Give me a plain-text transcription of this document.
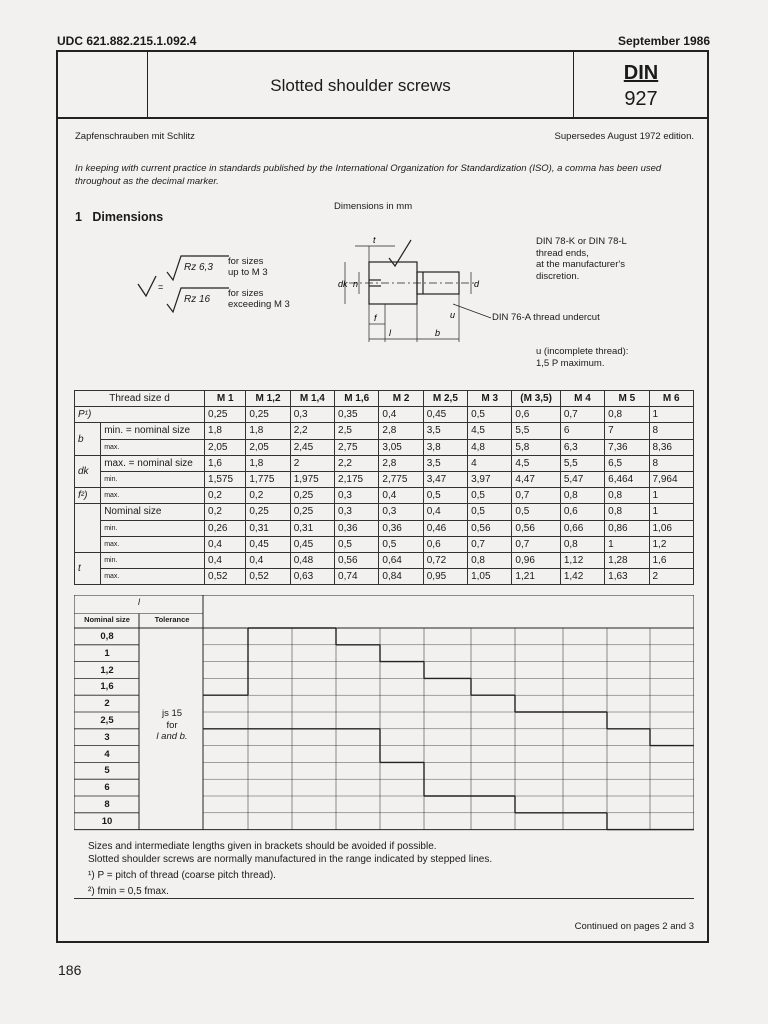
UDC 621.882.215.1.092.4	September 1986
Slotted shoulder screws
DIN
927
Zapfenschrauben mit Schlitz	Supersedes August 1972 edition.
In keeping with current practice in standards published by the International Organization for Standardization (ISO), a comma has been used throughout as the decimal marker.
1 Dimensions
Dimensions in mm
=
Rz 6,3
Rz 16
for sizes
up to M 3
for sizes
exceeding M 3
t
dk n	d
f
l	b
u
DIN 78-K or DIN 78-L
thread ends,
at the manufacturer's
discretion.
DIN 76-A thread undercut
u (incomplete thread):
1,5 P maximum.
Thread size d		M 1	M 1,2	M 1,4	M 1,6	M 2	M 2,5	M 3	(M 3,5)	M 4	M 5	M 6
P¹)		0,25	0,25	0,3	0,35	0,4	0,45	0,5	0,6	0,7	0,8	1
b	min. = nominal size	1,8	1,8	2,2	2,5	2,8	3,5	4,5	5,5	6	7	8
	max.	2,05	2,05	2,45	2,75	3,05	3,8	4,8	5,8	6,3	7,36	8,36
dk	max. = nominal size	1,6	1,8	2	2,2	2,8	3,5	4	4,5	5,5	6,5	8
	min.	1,575	1,775	1,975	2,175	2,775	3,47	3,97	4,47	5,47	6,464	7,964
f²)	max.	0,2	0,2	0,25	0,3	0,4	0,5	0,5	0,7	0,8	0,8	1
	Nominal size	0,2	0,25	0,25	0,3	0,3	0,4	0,5	0,5	0,6	0,8	1
	min.	0,26	0,31	0,31	0,36	0,36	0,46	0,56	0,56	0,66	0,86	1,06
	max.	0,4	0,45	0,45	0,5	0,5	0,6	0,7	0,7	0,8	1	1,2
t	min.	0,4	0,4	0,48	0,56	0,64	0,72	0,8	0,96	1,12	1,28	1,6
	max.	0,52	0,52	0,63	0,74	0,84	0,95	1,05	1,21	1,42	1,63	2
l
Nominal size	Tolerance
js 15
for
l and b.
0,8
1
1,2
1,6
2
2,5
3
4
5
6
8
10
Sizes and intermediate lengths given in brackets should be avoided if possible.
Slotted shoulder screws are normally manufactured in the range indicated by stepped lines.
¹) P = pitch of thread (coarse pitch thread).
²) fmin = 0,5 fmax.
Continued on pages 2 and 3
186
